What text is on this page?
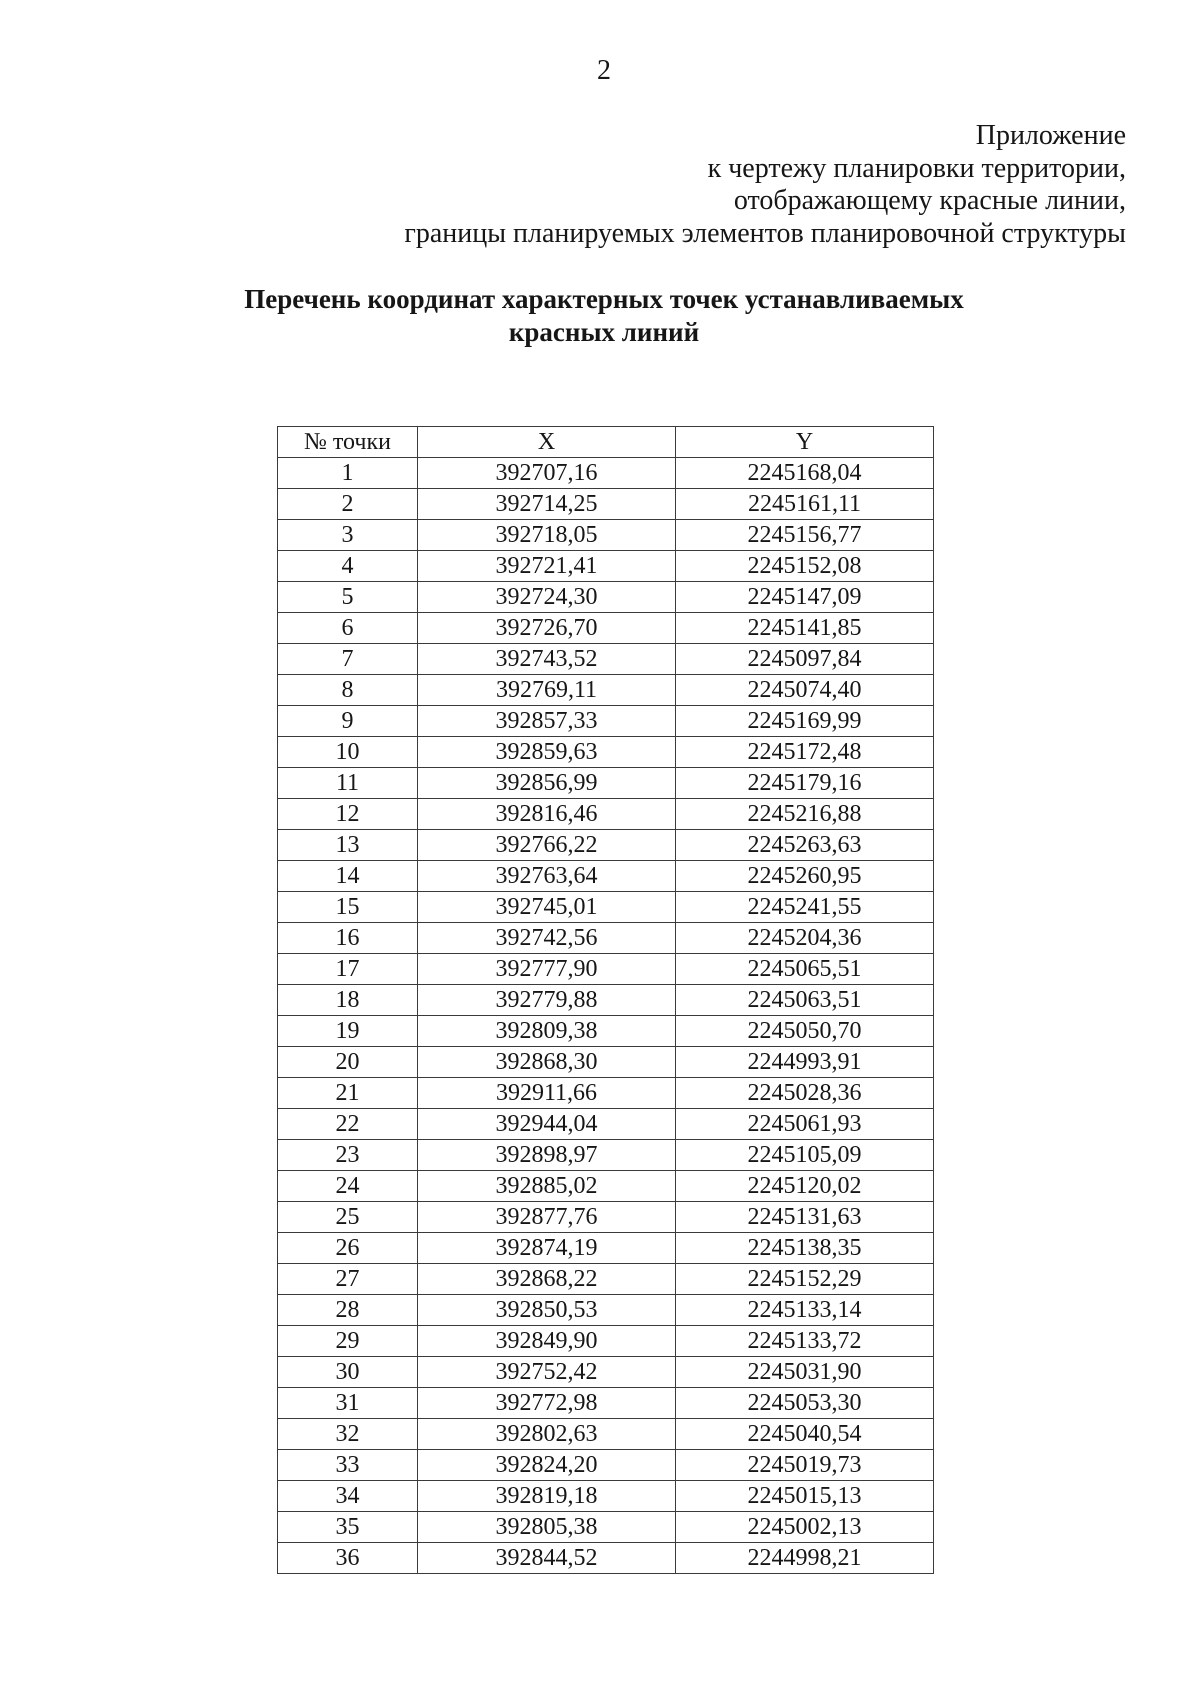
2
Приложение
к чертежу планировки территории,
отображающему красные линии,
границы планируемых элементов планировочной структуры
Перечень координат характерных точек устанавливаемых
красных линий
№ точки	X	Y
1	392707,16	2245168,04
2	392714,25	2245161,11
3	392718,05	2245156,77
4	392721,41	2245152,08
5	392724,30	2245147,09
6	392726,70	2245141,85
7	392743,52	2245097,84
8	392769,11	2245074,40
9	392857,33	2245169,99
10	392859,63	2245172,48
11	392856,99	2245179,16
12	392816,46	2245216,88
13	392766,22	2245263,63
14	392763,64	2245260,95
15	392745,01	2245241,55
16	392742,56	2245204,36
17	392777,90	2245065,51
18	392779,88	2245063,51
19	392809,38	2245050,70
20	392868,30	2244993,91
21	392911,66	2245028,36
22	392944,04	2245061,93
23	392898,97	2245105,09
24	392885,02	2245120,02
25	392877,76	2245131,63
26	392874,19	2245138,35
27	392868,22	2245152,29
28	392850,53	2245133,14
29	392849,90	2245133,72
30	392752,42	2245031,90
31	392772,98	2245053,30
32	392802,63	2245040,54
33	392824,20	2245019,73
34	392819,18	2245015,13
35	392805,38	2245002,13
36	392844,52	2244998,21
